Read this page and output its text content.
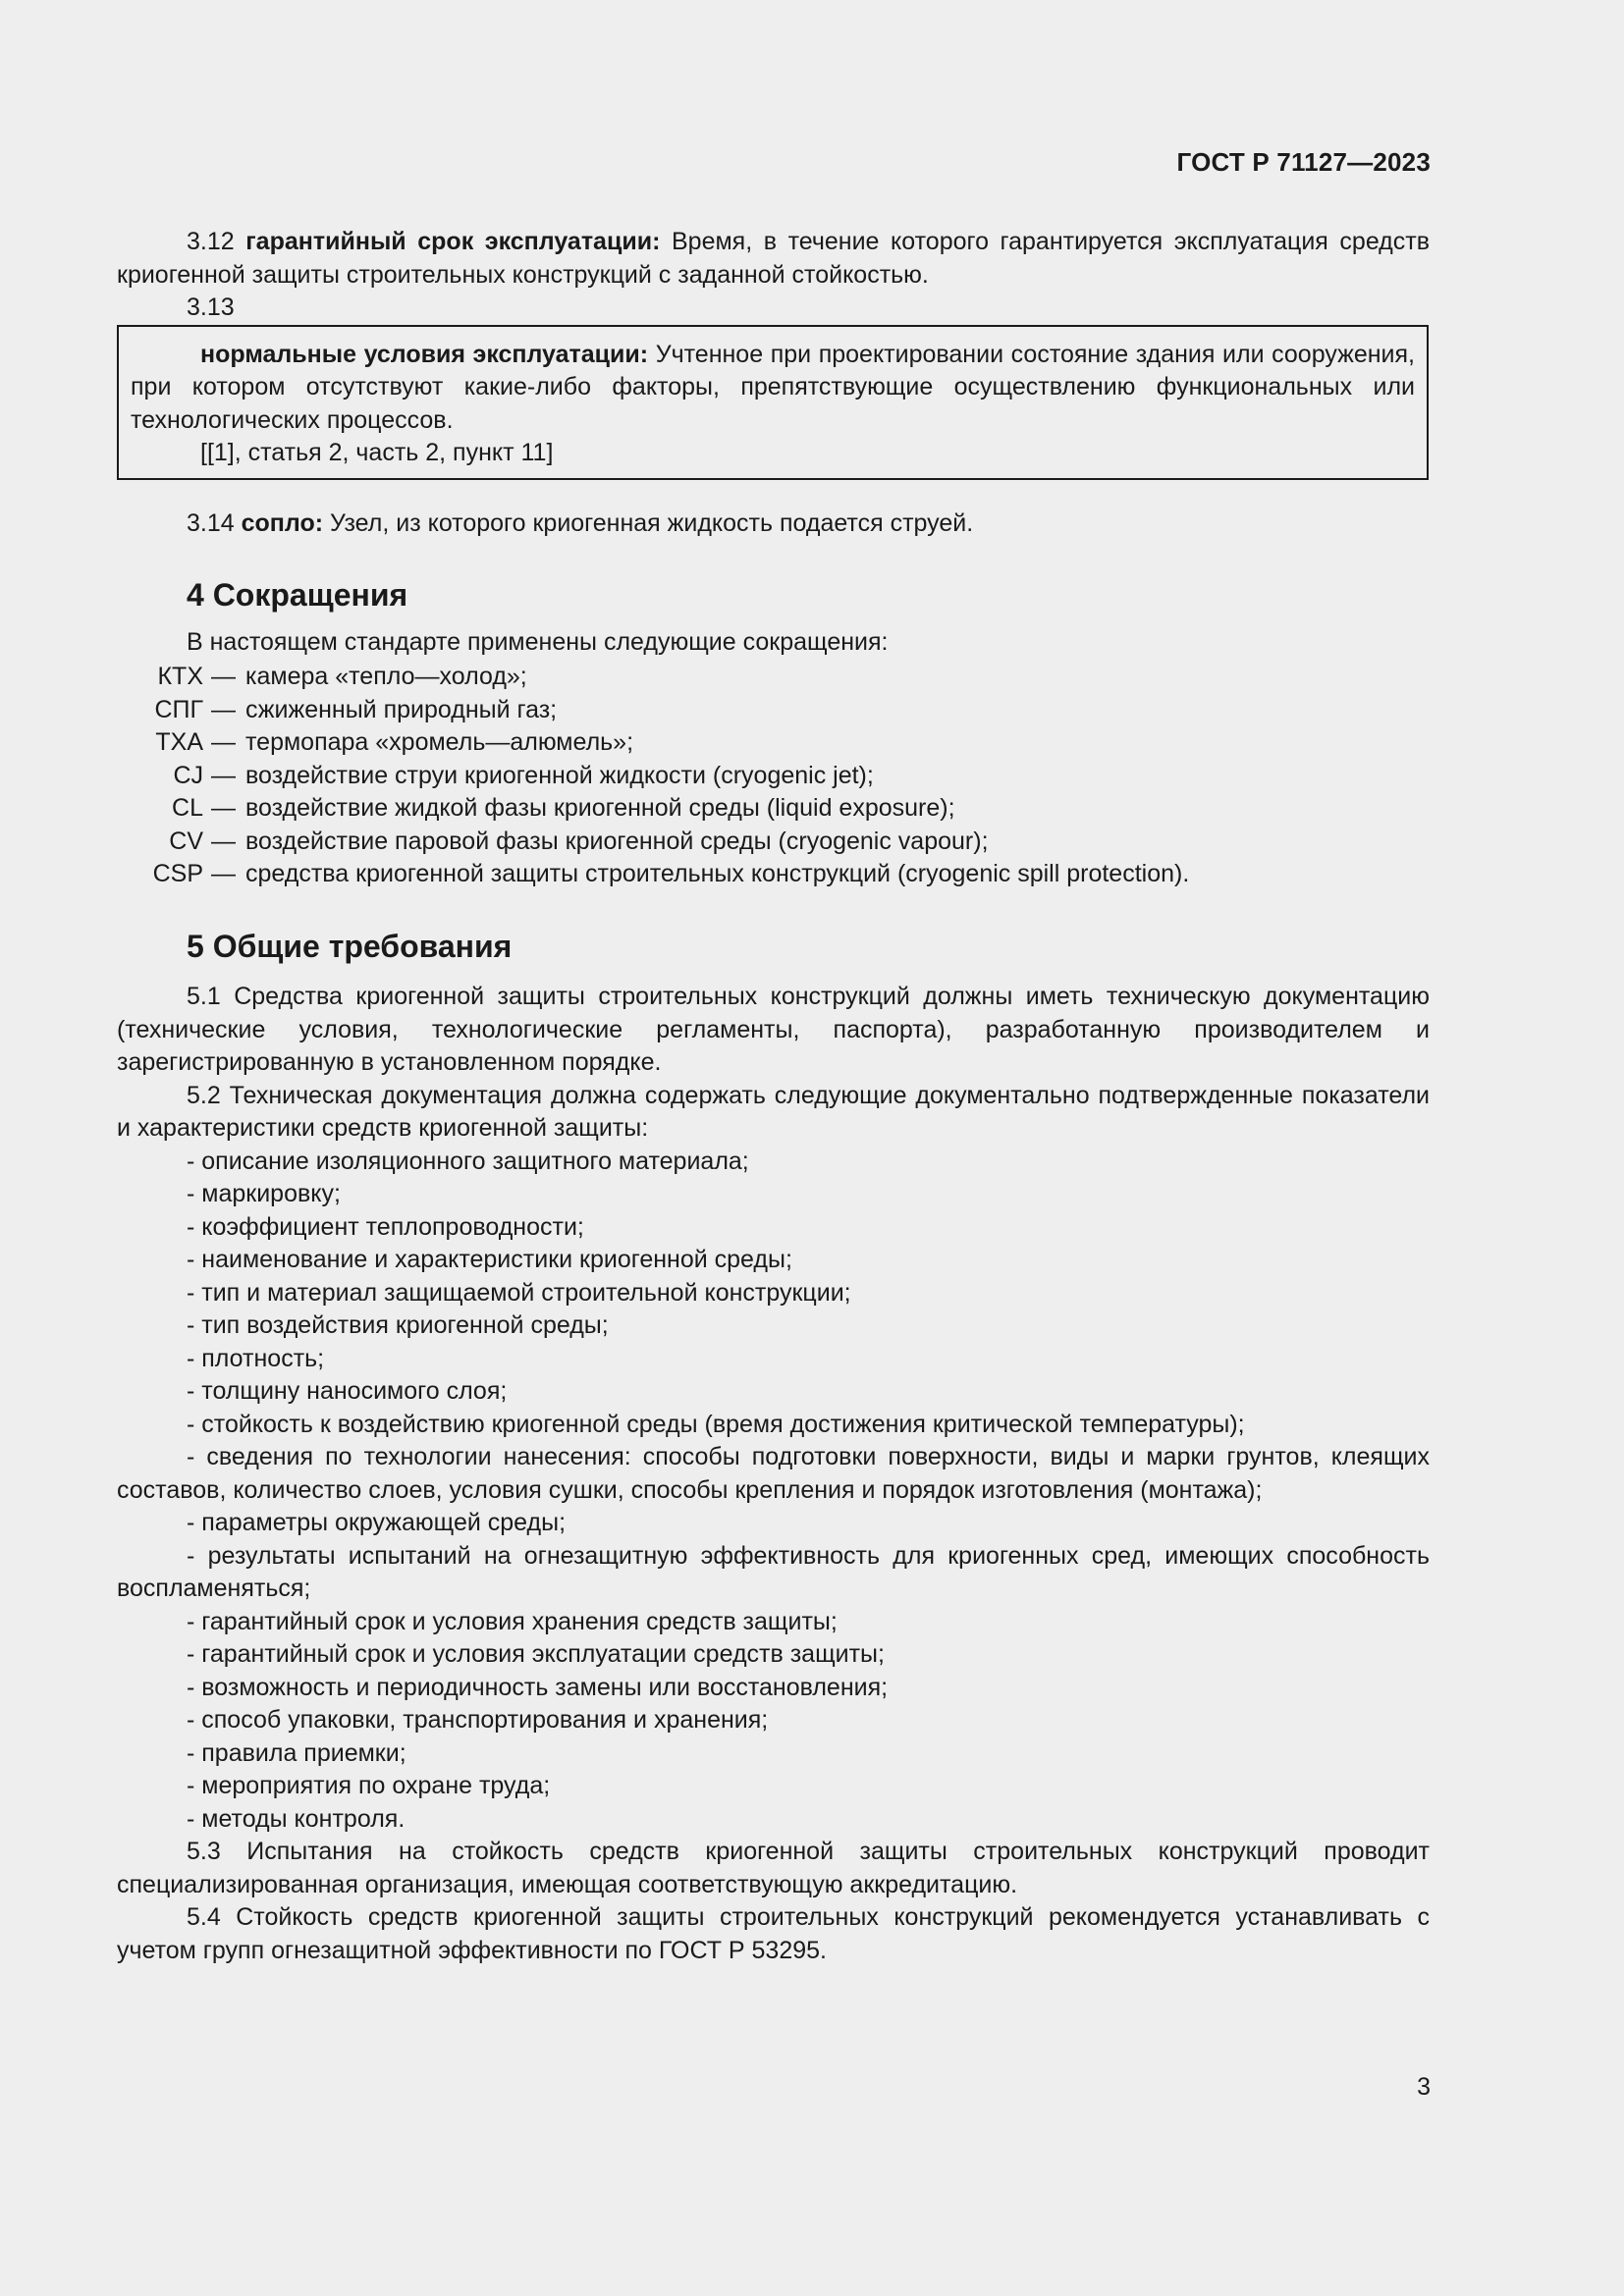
ГОСТ Р 71127—2023

3.12 гарантийный срок эксплуатации: Время, в течение которого гарантируется эксплуатация средств криогенной защиты строительных конструкций с заданной стойкостью.

3.13

нормальные условия эксплуатации: Учтенное при проектировании состояние здания или сооружения, при котором отсутствуют какие-либо факторы, препятствующие осуществлению функциональных или технологических процессов.

[[1], статья 2, часть 2, пункт 11]

3.14 сопло: Узел, из которого криогенная жидкость подается струей.

4 Сокращения

В настоящем стандарте применены следующие сокращения:

КТХ — камера «тепло—холод»;
СПГ — сжиженный природный газ;
ТХА — термопара «хромель—алюмель»;
CJ — воздействие струи криогенной жидкости (cryogenic jet);
CL — воздействие жидкой фазы криогенной среды (liquid exposure);
CV — воздействие паровой фазы криогенной среды (cryogenic vapour);
CSP — средства криогенной защиты строительных конструкций (cryogenic spill protection).
5 Общие требования

5.1 Средства криогенной защиты строительных конструкций должны иметь техническую документацию (технические условия, технологические регламенты, паспорта), разработанную производителем и зарегистрированную в установленном порядке.

5.2 Техническая документация должна содержать следующие документально подтвержденные показатели и характеристики средств криогенной защиты:

- описание изоляционного защитного материала;

- маркировку;

- коэффициент теплопроводности;

- наименование и характеристики криогенной среды;

- тип и материал защищаемой строительной конструкции;

- тип воздействия криогенной среды;

- плотность;

- толщину наносимого слоя;

- стойкость к воздействию криогенной среды (время достижения критической температуры);

- сведения по технологии нанесения: способы подготовки поверхности, виды и марки грунтов, клеящих составов, количество слоев, условия сушки, способы крепления и порядок изготовления (монтажа);

- параметры окружающей среды;

- результаты испытаний на огнезащитную эффективность для криогенных сред, имеющих способность воспламеняться;

- гарантийный срок и условия хранения средств защиты;

- гарантийный срок и условия эксплуатации средств защиты;

- возможность и периодичность замены или восстановления;

- способ упаковки, транспортирования и хранения;

- правила приемки;

- мероприятия по охране труда;

- методы контроля.

5.3 Испытания на стойкость средств криогенной защиты строительных конструкций проводит специализированная организация, имеющая соответствующую аккредитацию.

5.4 Стойкость средств криогенной защиты строительных конструкций рекомендуется устанавливать с учетом групп огнезащитной эффективности по ГОСТ Р 53295.

3
